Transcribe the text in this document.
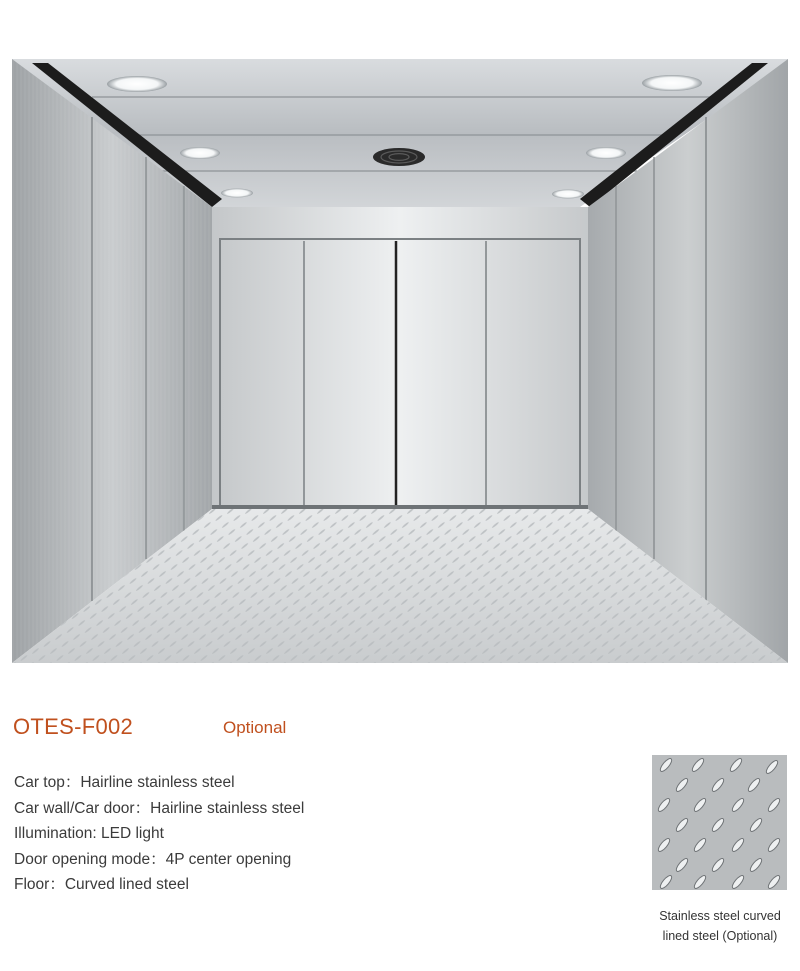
OTES-F002	Optional
Car top：Hairline stainless steel
Car wall/Car door：Hairline stainless steel
Illumination: LED light
Door opening mode：4P center opening
Floor：Curved lined steel
Stainless steel curved
lined steel (Optional)
